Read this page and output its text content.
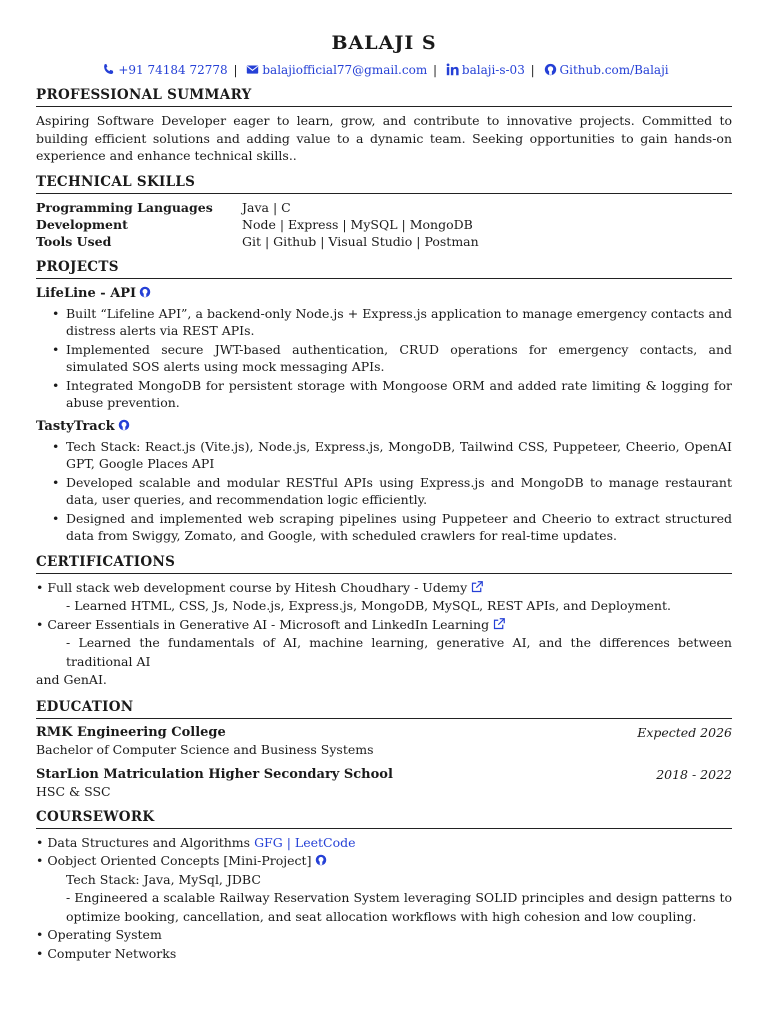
BALAJI S
+91 74184 72778 | balajiofficial77@gmail.com | balaji-s-03 | Github.com/Balaji
PROFESSIONAL SUMMARY

Aspiring Software Developer eager to learn, grow, and contribute to innovative projects. Committed to building efficient solutions and adding value to a dynamic team. Seeking opportunities to gain hands-on experience and enhance technical skills..

TECHNICAL SKILLS
Programming Languages	Java | C
Development	Node | Express | MySQL | MongoDB
Tools Used	Git | Github | Visual Studio | Postman
PROJECTS
LifeLine - API
• Built “Lifeline API”, a backend-only Node.js + Express.js application to manage emergency contacts and distress alerts via REST APIs.
• Implemented secure JWT-based authentication, CRUD operations for emergency contacts, and simulated SOS alerts using mock messaging APIs.
• Integrated MongoDB for persistent storage with Mongoose ORM and added rate limiting & logging for abuse prevention.
TastyTrack
• Tech Stack: React.js (Vite.js), Node.js, Express.js, MongoDB, Tailwind CSS, Puppeteer, Cheerio, OpenAI GPT, Google Places API
• Developed scalable and modular RESTful APIs using Express.js and MongoDB to manage restaurant data, user queries, and recommendation logic efficiently.
• Designed and implemented web scraping pipelines using Puppeteer and Cheerio to extract structured data from Swiggy, Zomato, and Google, with scheduled crawlers for real-time updates.
CERTIFICATIONS
• Full stack web development course by Hitesh Choudhary - Udemy
- Learned HTML, CSS, Js, Node.js, Express.js, MongoDB, MySQL, REST APIs, and Deployment.
• Career Essentials in Generative AI - Microsoft and LinkedIn Learning
- Learned the fundamentals of AI, machine learning, generative AI, and the differences between traditional AI
and GenAI.
EDUCATION
RMK Engineering College	Expected 2026
Bachelor of Computer Science and Business Systems
StarLion Matriculation Higher Secondary School	2018 - 2022
HSC & SSC
COURSEWORK
• Data Structures and Algorithms GFG | LeetCode
• Oobject Oriented Concepts [Mini-Project]
Tech Stack: Java, MySql, JDBC
- Engineered a scalable Railway Reservation System leveraging SOLID principles and design patterns to optimize booking, cancellation, and seat allocation workflows with high cohesion and low coupling.
• Operating System
• Computer Networks
